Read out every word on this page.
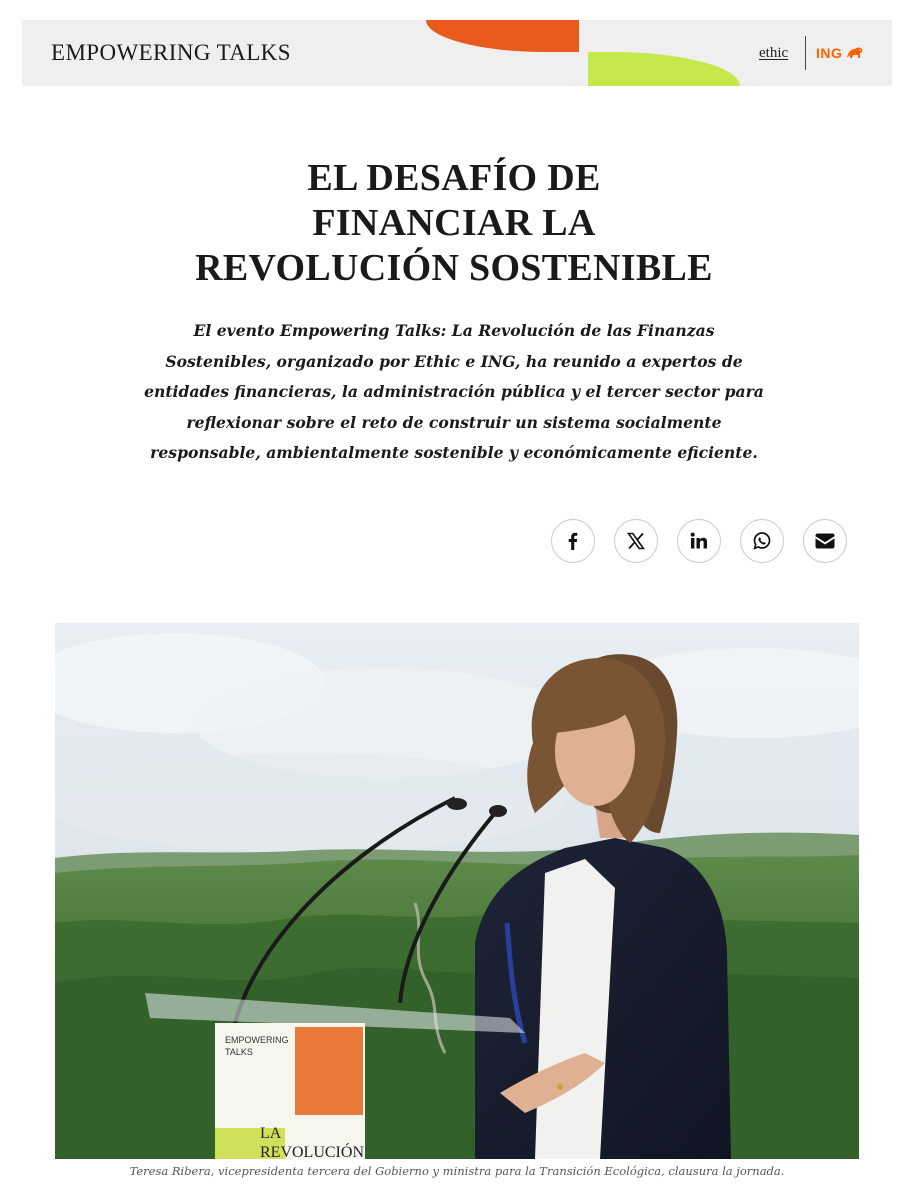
EMPOWERING TALKS	ethic ING
EL DESAFÍO DE
FINANCIAR LA
REVOLUCIÓN SOSTENIBLE

El evento Empowering Talks: La Revolución de las Finanzas Sostenibles, organizado por Ethic e ING, ha reunido a expertos de entidades financieras, la administración pública y el tercer sector para reflexionar sobre el reto de construir un sistema socialmente responsable, ambientalmente sostenible y económicamente eficiente.

EMPOWERING
TALKS
LA
REVOLUCIÓN
Teresa Ribera, vicepresidenta tercera del Gobierno y ministra para la Transición Ecológica, clausura la jornada.
